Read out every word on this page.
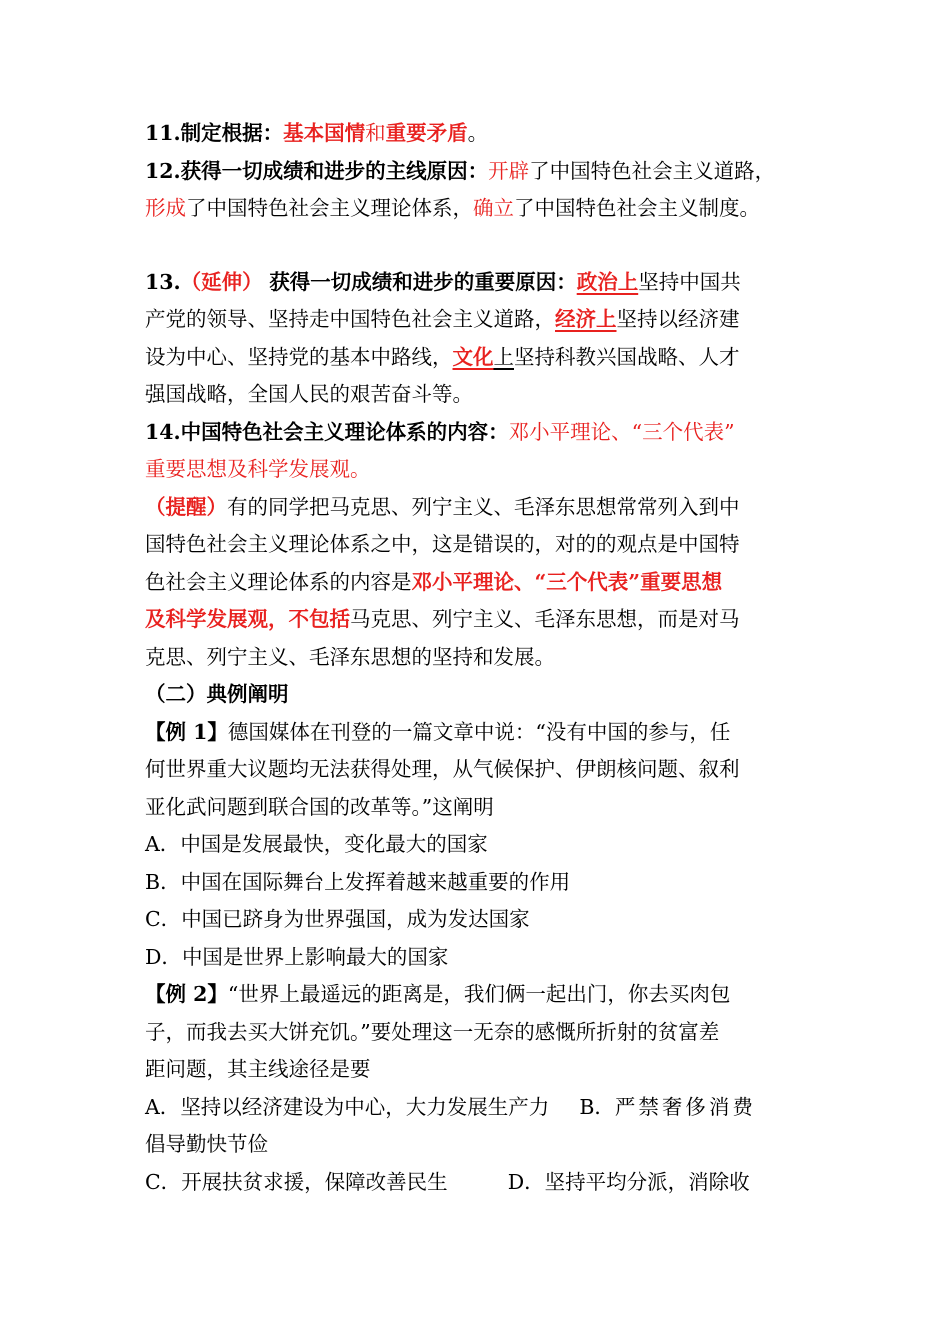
11.制定根据：基本国情和重要矛盾。
12.获得一切成绩和进步的主线原因：开辟了中国特色社会主义道路，
形成了中国特色社会主义理论体系，确立了中国特色社会主义制度。
13.（延伸） 获得一切成绩和进步的重要原因：政治上坚持中国共
产党的领导、坚持走中国特色社会主义道路，经济上坚持以经济建
设为中心、坚持党的基本中路线，文化上坚持科教兴国战略、人才
强国战略，全国人民的艰苦奋斗等。
14.中国特色社会主义理论体系的内容：邓小平理论、“三个代表”
重要思想及科学发展观。
（提醒）有的同学把马克思、列宁主义、毛泽东思想常常列入到中
国特色社会主义理论体系之中，这是错误的，对的的观点是中国特
色社会主义理论体系的内容是邓小平理论、“三个代表”重要思想
及科学发展观，不包括马克思、列宁主义、毛泽东思想，而是对马
克思、列宁主义、毛泽东思想的坚持和发展。
（二）典例阐明
【例 1】德国媒体在刊登的一篇文章中说：“没有中国的参与，任
何世界重大议题均无法获得处理，从气候保护、伊朗核问题、叙利
亚化武问题到联合国的改革等。”这阐明
A．中国是发展最快，变化最大的国家
B．中国在国际舞台上发挥着越来越重要的作用
C．中国已跻身为世界强国，成为发达国家
D．中国是世界上影响最大的国家
【例 2】“世界上最遥远的距离是，我们俩一起出门，你去买肉包
子，而我去买大饼充饥。”要处理这一无奈的感慨所折射的贫富差
距问题，其主线途径是要
A．坚持以经济建设为中心，大力发展生产力 B．严禁奢侈消费
倡导勤快节俭
C．开展扶贫求援，保障改善民生	D．坚持平均分派，消除收
